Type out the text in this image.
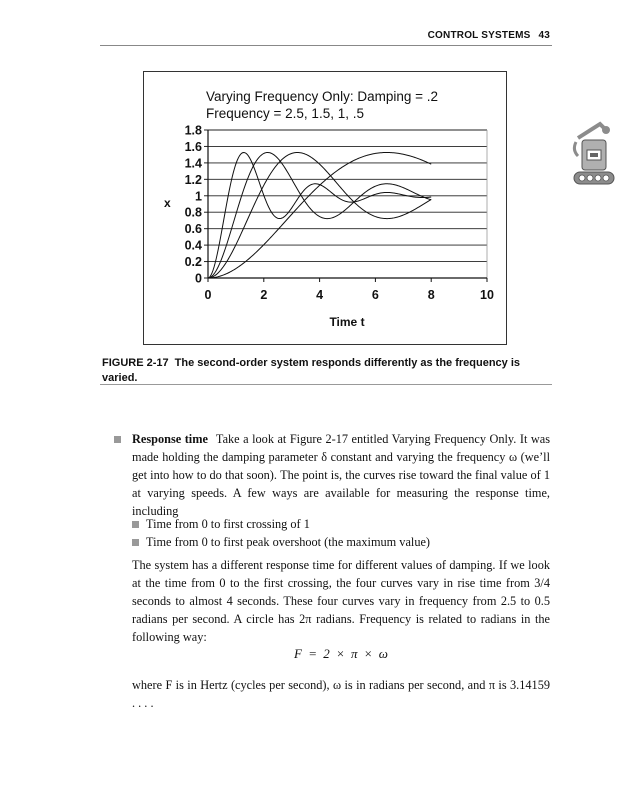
CONTROL SYSTEMS 43
Varying Frequency Only: Damping = .2
Frequency = 2.5, 1.5, 1, .5
x
Time t
0
0.2
0.4
0.6
0.8
1
1.2
1.4
1.6
1.8
0	2	4	6	8	10
FIGURE 2-17 The second-order system responds differently as the frequency is varied.
Response time Take a look at Figure 2-17 entitled Varying Frequency Only. It was made holding the damping parameter δ constant and varying the frequency ω (we’ll get into how to do that soon). The point is, the curves rise toward the final value of 1 at varying speeds. A few ways are available for measuring the response time, including
Time from 0 to first crossing of 1
Time from 0 to first peak overshoot (the maximum value)
The system has a different response time for different values of damping. If we look at the time from 0 to the first crossing, the four curves vary in rise time from 3/4 seconds to almost 4 seconds. These four curves vary in frequency from 2.5 to 0.5 radians per second. A circle has 2π radians. Frequency is related to radians in the following way:
F = 2 × π × ω
where F is in Hertz (cycles per second), ω is in radians per second, and π is 3.14159 . . . .
